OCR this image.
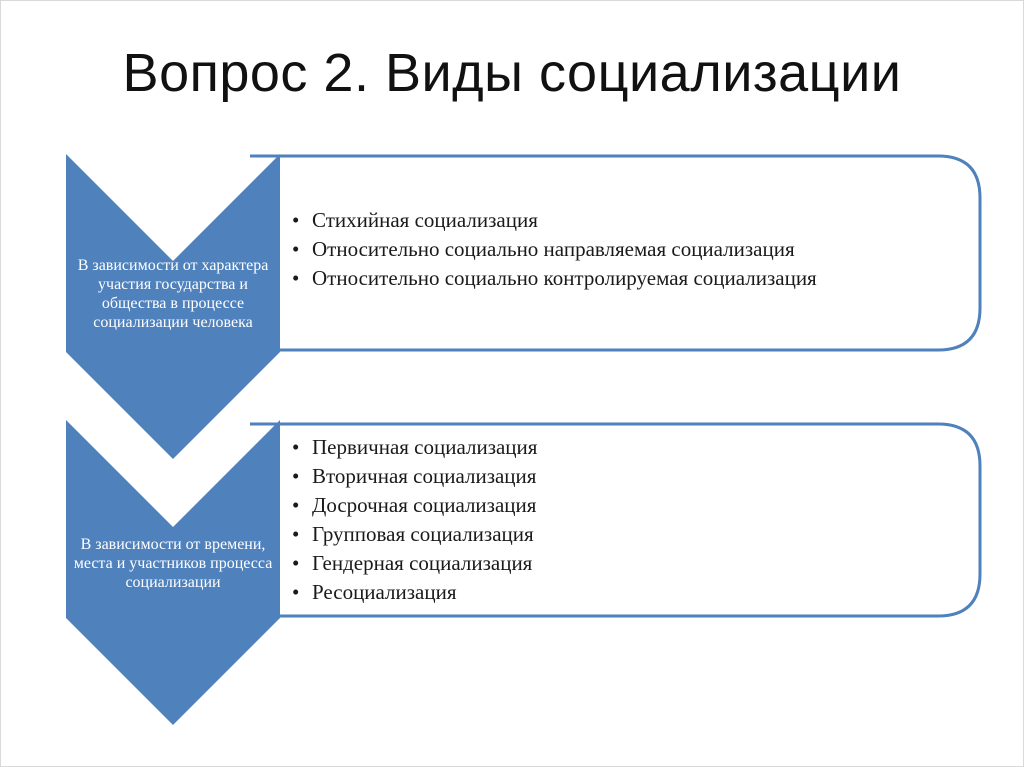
Вопрос 2. Виды социализации
В зависимости от характера участия государства и общества в процессе социализации человека
• Стихийная социализация
• Относительно социально направляемая социализация
• Относительно социально контролируемая социализация
В зависимости от времени, места и участников процесса социализации
• Первичная социализация
• Вторичная социализация
• Досрочная социализация
• Групповая социализация
• Гендерная социализация
• Ресоциализация
